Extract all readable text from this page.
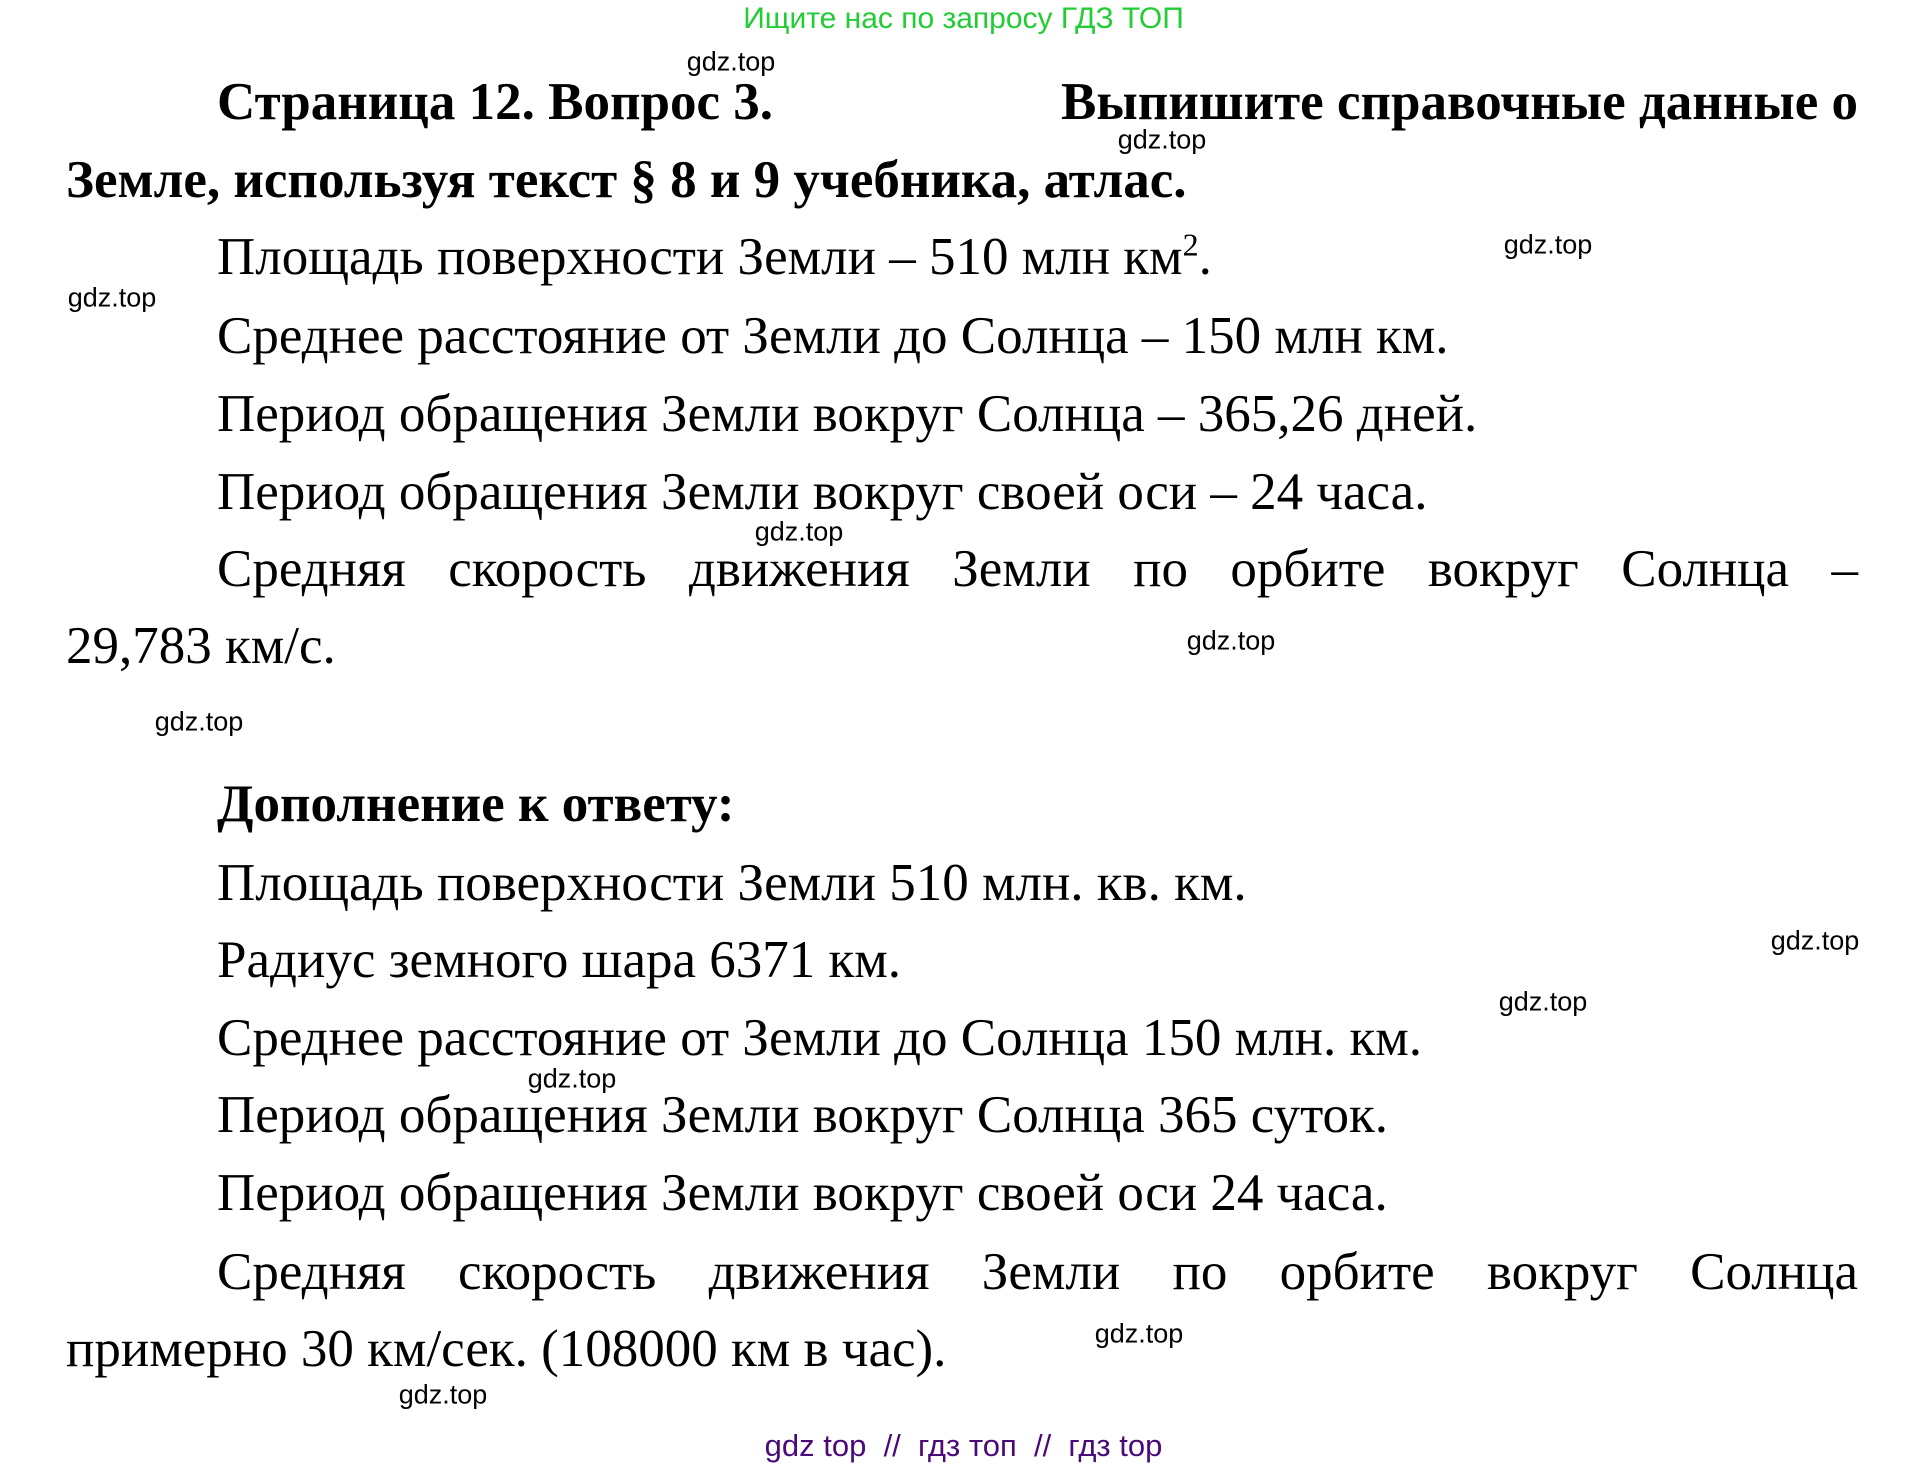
Ищите нас по запросу ГДЗ ТОП
Страница 12. Вопрос 3.	Выпишите справочные данные о
Земле, используя текст § 8 и 9 учебника, атлас.
Площадь поверхности Земли – 510 млн $км^2$.
Среднее расстояние от Земли до Солнца – 150 млн км.
Период обращения Земли вокруг Солнца – 365,26 дней.
Период обращения Земли вокруг своей оси – 24 часа.
Средняя скорость движения Земли по орбите вокруг Солнца –
29,783 км/с.
Дополнение к ответу:
Площадь поверхности Земли 510 млн. кв. км.
Радиус земного шара 6371 км.
Среднее расстояние от Земли до Солнца 150 млн. км.
Период обращения Земли вокруг Солнца 365 суток.
Период обращения Земли вокруг своей оси 24 часа.
Средняя скорость движения Земли по орбите вокруг Солнца
примерно 30 км/сек. (108000 км в час).
gdz.top
gdz.top
gdz.top
gdz.top
gdz.top
gdz.top
gdz.top
gdz.top
gdz.top
gdz.top
gdz.top
gdz.top
gdz top  //  гдз топ  //  гдз top
